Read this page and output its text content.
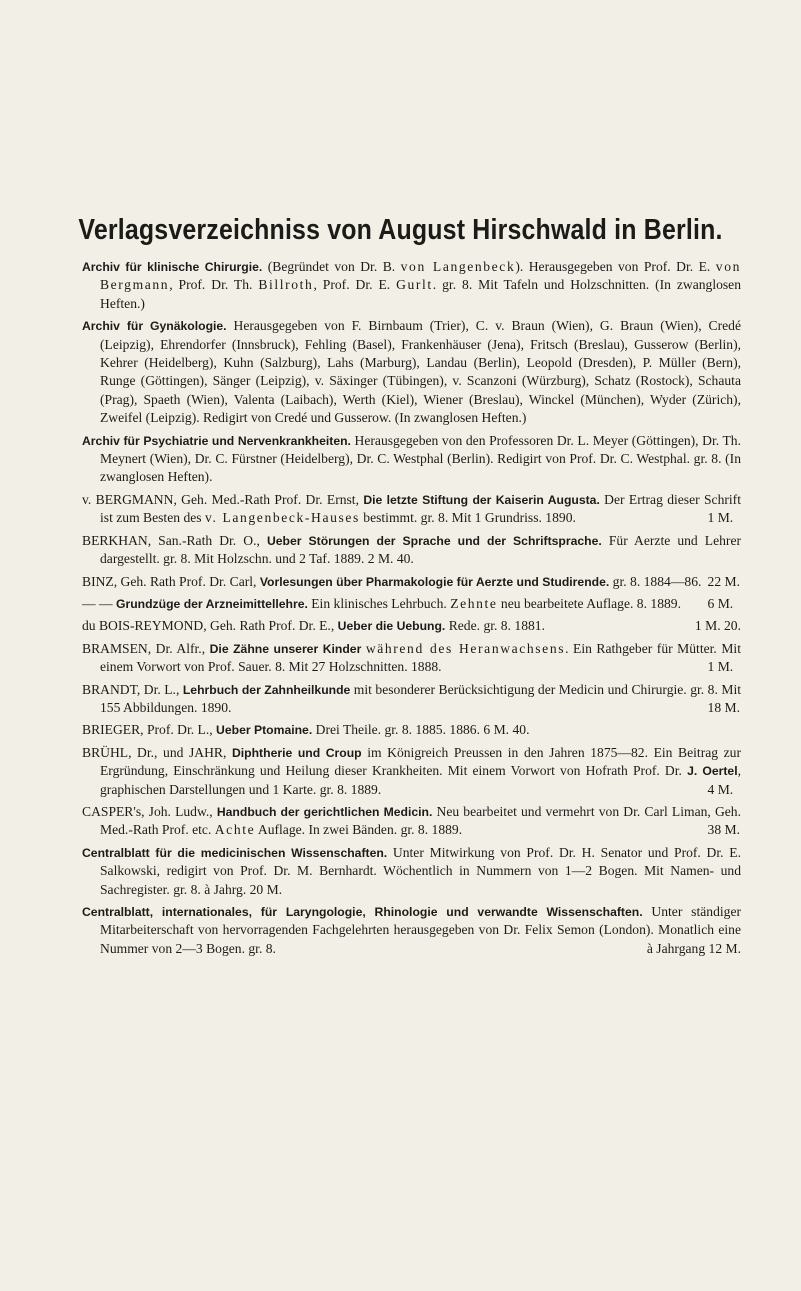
Verlagsverzeichniss von August Hirschwald in Berlin.

Archiv für klinische Chirurgie. (Begründet von Dr. B. von Langenbeck). Herausgegeben von Prof. Dr. E. von Bergmann, Prof. Dr. Th. Billroth, Prof. Dr. E. Gurlt. gr. 8. Mit Tafeln und Holzschnitten. (In zwanglosen Heften.)

Archiv für Gynäkologie. Herausgegeben von F. Birnbaum (Trier), C. v. Braun (Wien), G. Braun (Wien), Credé (Leipzig), Ehrendorfer (Innsbruck), Fehling (Basel), Frankenhäuser (Jena), Fritsch (Breslau), Gusserow (Berlin), Kehrer (Heidelberg), Kuhn (Salzburg), Lahs (Marburg), Landau (Berlin), Leopold (Dresden), P. Müller (Bern), Runge (Göttingen), Sänger (Leipzig), v. Säxinger (Tübingen), v. Scanzoni (Würzburg), Schatz (Rostock), Schauta (Prag), Spaeth (Wien), Valenta (Laibach), Werth (Kiel), Wiener (Breslau), Winckel (München), Wyder (Zürich), Zweifel (Leipzig). Redigirt von Credé und Gusserow. (In zwanglosen Heften.)

Archiv für Psychiatrie und Nervenkrankheiten. Herausgegeben von den Professoren Dr. L. Meyer (Göttingen), Dr. Th. Meynert (Wien), Dr. C. Fürstner (Heidelberg), Dr. C. Westphal (Berlin). Redigirt von Prof. Dr. C. Westphal. gr. 8. (In zwanglosen Heften).

v. BERGMANN, Geh. Med.-Rath Prof. Dr. Ernst, Die letzte Stiftung der Kaiserin Augusta. Der Ertrag dieser Schrift ist zum Besten des v. Langenbeck-Hauses bestimmt. gr. 8. Mit 1 Grundriss. 1890.	1 M.

BERKHAN, San.-Rath Dr. O., Ueber Störungen der Sprache und der Schriftsprache. Für Aerzte und Lehrer dargestellt. gr. 8. Mit Holzschn. und 2 Taf. 1889. 2 M. 40.

BINZ, Geh. Rath Prof. Dr. Carl, Vorlesungen über Pharmakologie für Aerzte und Studirende. gr. 8. 1884—86. 22 M.

— — Grundzüge der Arzneimittellehre. Ein klinisches Lehrbuch. Zehnte neu bearbeitete Auflage. 8. 1889. 6 M.

du BOIS-REYMOND, Geh. Rath Prof. Dr. E., Ueber die Uebung. Rede. gr. 8. 1881.	1 M. 20.

BRAMSEN, Dr. Alfr., Die Zähne unserer Kinder während des Heranwachsens. Ein Rathgeber für Mütter. Mit einem Vorwort von Prof. Sauer. 8. Mit 27 Holzschnitten. 1888.	1 M.

BRANDT, Dr. L., Lehrbuch der Zahnheilkunde mit besonderer Berücksichtigung der Medicin und Chirurgie. gr. 8. Mit 155 Abbildungen. 1890.	18 M.

BRIEGER, Prof. Dr. L., Ueber Ptomaine. Drei Theile. gr. 8. 1885. 1886. 6 M. 40.

BRÜHL, Dr., und JAHR, Diphtherie und Croup im Königreich Preussen in den Jahren 1875—82. Ein Beitrag zur Ergründung, Einschränkung und Heilung dieser Krankheiten. Mit einem Vorwort von Hofrath Prof. Dr. J. Oertel, graphischen Darstellungen und 1 Karte. gr. 8. 1889.	4 M.

CASPER's, Joh. Ludw., Handbuch der gerichtlichen Medicin. Neu bearbeitet und vermehrt von Dr. Carl Liman, Geh. Med.-Rath Prof. etc. Achte Auflage. In zwei Bänden. gr. 8. 1889.	38 M.

Centralblatt für die medicinischen Wissenschaften. Unter Mitwirkung von Prof. Dr. H. Senator und Prof. Dr. E. Salkowski, redigirt von Prof. Dr. M. Bernhardt. Wöchentlich in Nummern von 1—2 Bogen. Mit Namen- und Sachregister. gr. 8. à Jahrg. 20 M.

Centralblatt, internationales, für Laryngologie, Rhinologie und verwandte Wissenschaften. Unter ständiger Mitarbeiterschaft von hervorragenden Fachgelehrten herausgegeben von Dr. Felix Semon (London). Monatlich eine Nummer von 2—3 Bogen. gr. 8.	à Jahrgang 12 M.
